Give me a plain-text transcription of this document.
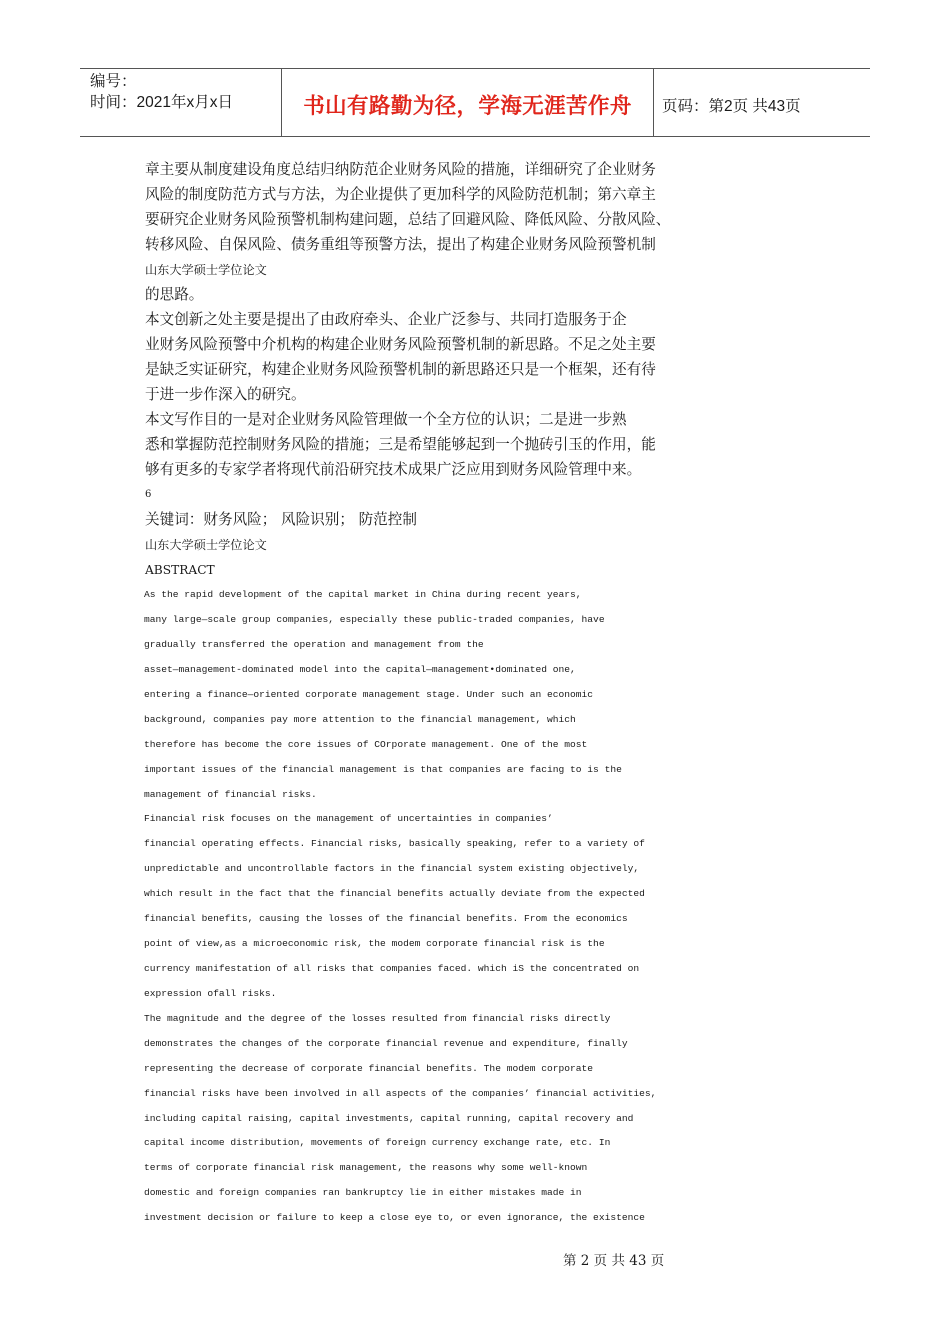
编号：
时间：2021年x月x日	书山有路勤为径，学海无涯苦作舟 页码：第2页 共43页
章主要从制度建设角度总结归纳防范企业财务风险的措施，详细研究了企业财务
风险的制度防范方式与方法，为企业提供了更加科学的风险防范机制；第六章主
要研究企业财务风险预警机制构建问题，总结了回避风险、降低风险、分散风险、
转移风险、自保风险、债务重组等预警方法，提出了构建企业财务风险预警机制
山东大学硕士学位论文
的思路。
本文创新之处主要是提出了由政府牵头、企业广泛参与、共同打造服务于企
业财务风险预警中介机构的构建企业财务风险预警机制的新思路。不足之处主要
是缺乏实证研究，构建企业财务风险预警机制的新思路还只是一个框架，还有待
于进一步作深入的研究。
本文写作目的一是对企业财务风险管理做一个全方位的认识；二是进一步熟
悉和掌握防范控制财务风险的措施；三是希望能够起到一个抛砖引玉的作用，能
够有更多的专家学者将现代前沿研究技术成果广泛应用到财务风险管理中来。
6
关键词：财务风险； 风险识别； 防范控制
山东大学硕士学位论文
ABSTRACT
As the rapid development of the capital market in China during recent years,
many large—scale group companies, especially these public-traded companies, have
gradually transferred the operation and management from the
asset—management-dominated model into the capital—management•dominated one,
entering a finance—oriented corporate management stage. Under such an economic
background, companies pay more attention to the financial management, which
therefore has become the core issues of COrporate management. One of the most
important issues of the financial management is that companies are facing to is the
management of financial risks.
Financial risk focuses on the management of uncertainties in companies’
financial operating effects. Financial risks, basically speaking, refer to a variety of
unpredictable and uncontrollable factors in the financial system existing objectively,
which result in the fact that the financial benefits actually deviate from the expected
financial benefits, causing the losses of the financial benefits. From the economics
point of view,as a microeconomic risk, the modem corporate financial risk is the
currency manifestation of all risks that companies faced. which iS the concentrated on
expression ofall risks.
The magnitude and the degree of the losses resulted from financial risks directly
demonstrates the changes of the corporate financial revenue and expenditure, finally
representing the decrease of corporate financial benefits. The modem corporate
financial risks have been involved in all aspects of the companies’ financial activities,
including capital raising, capital investments, capital running, capital recovery and
capital income distribution, movements of foreign currency exchange rate, etc. In
terms of corporate financial risk management, the reasons why some well-known
domestic and foreign companies ran bankruptcy lie in either mistakes made in
investment decision or failure to keep a close eye to, or even ignorance, the existence
第 2 页 共 43 页
